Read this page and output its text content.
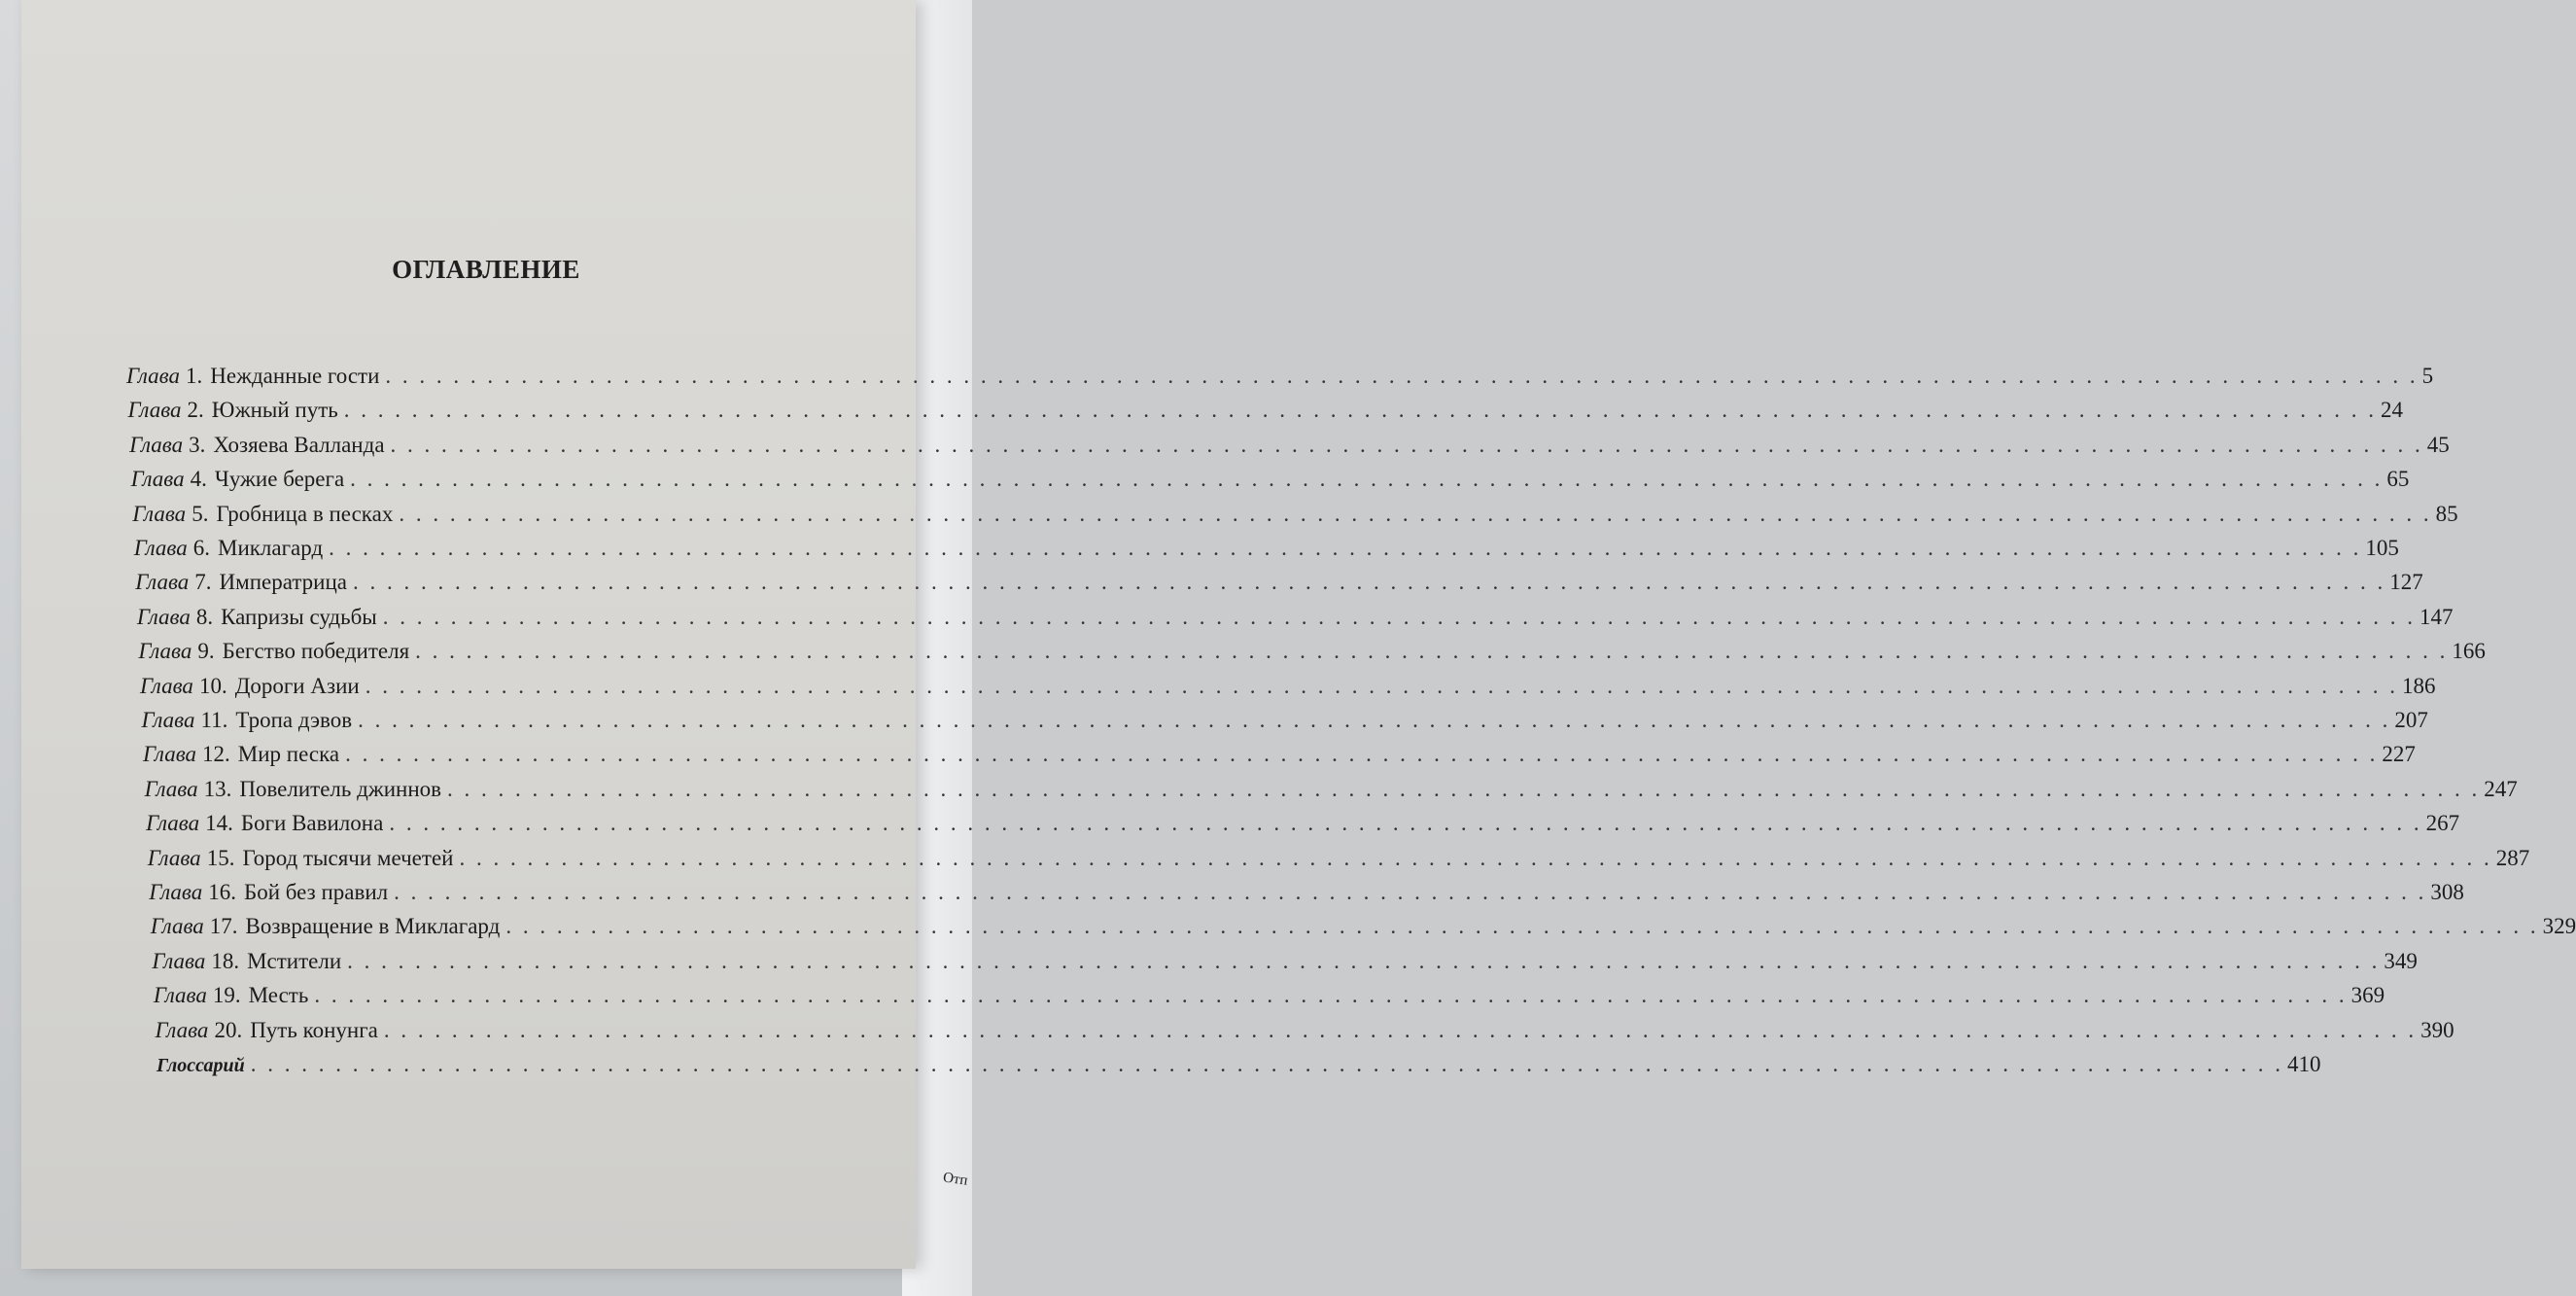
Отп
ОГЛАВЛЕНИЕ
Глава 1. Нежданные гости . . . . . . . . . . . . . . . . . . . . . . . . . . . . . . . . . . . . . . . . . . . . . . . . . . . . . . . . . . . . . . . . . . . . . . . . . . . . . . . . . . . . . . . . . . . . . . . . . . . . . . . . . . . . . . . . . . . . . . . . 5
Глава 2. Южный путь . . . . . . . . . . . . . . . . . . . . . . . . . . . . . . . . . . . . . . . . . . . . . . . . . . . . . . . . . . . . . . . . . . . . . . . . . . . . . . . . . . . . . . . . . . . . . . . . . . . . . . . . . . . . . . . . . . . . . . . . 24
Глава 3. Хозяева Валланда . . . . . . . . . . . . . . . . . . . . . . . . . . . . . . . . . . . . . . . . . . . . . . . . . . . . . . . . . . . . . . . . . . . . . . . . . . . . . . . . . . . . . . . . . . . . . . . . . . . . . . . . . . . . . . . . . . . . . . . . 45
Глава 4. Чужие берега . . . . . . . . . . . . . . . . . . . . . . . . . . . . . . . . . . . . . . . . . . . . . . . . . . . . . . . . . . . . . . . . . . . . . . . . . . . . . . . . . . . . . . . . . . . . . . . . . . . . . . . . . . . . . . . . . . . . . . . . 65
Глава 5. Гробница в песках . . . . . . . . . . . . . . . . . . . . . . . . . . . . . . . . . . . . . . . . . . . . . . . . . . . . . . . . . . . . . . . . . . . . . . . . . . . . . . . . . . . . . . . . . . . . . . . . . . . . . . . . . . . . . . . . . . . . . . . . 85
Глава 6. Миклагард . . . . . . . . . . . . . . . . . . . . . . . . . . . . . . . . . . . . . . . . . . . . . . . . . . . . . . . . . . . . . . . . . . . . . . . . . . . . . . . . . . . . . . . . . . . . . . . . . . . . . . . . . . . . . . . . . . . . . . . . 105
Глава 7. Императрица . . . . . . . . . . . . . . . . . . . . . . . . . . . . . . . . . . . . . . . . . . . . . . . . . . . . . . . . . . . . . . . . . . . . . . . . . . . . . . . . . . . . . . . . . . . . . . . . . . . . . . . . . . . . . . . . . . . . . . . . 127
Глава 8. Капризы судьбы . . . . . . . . . . . . . . . . . . . . . . . . . . . . . . . . . . . . . . . . . . . . . . . . . . . . . . . . . . . . . . . . . . . . . . . . . . . . . . . . . . . . . . . . . . . . . . . . . . . . . . . . . . . . . . . . . . . . . . . . 147
Глава 9. Бегство победителя . . . . . . . . . . . . . . . . . . . . . . . . . . . . . . . . . . . . . . . . . . . . . . . . . . . . . . . . . . . . . . . . . . . . . . . . . . . . . . . . . . . . . . . . . . . . . . . . . . . . . . . . . . . . . . . . . . . . . . . . 166
Глава 10. Дороги Азии . . . . . . . . . . . . . . . . . . . . . . . . . . . . . . . . . . . . . . . . . . . . . . . . . . . . . . . . . . . . . . . . . . . . . . . . . . . . . . . . . . . . . . . . . . . . . . . . . . . . . . . . . . . . . . . . . . . . . . . . 186
Глава 11. Тропа дэвов . . . . . . . . . . . . . . . . . . . . . . . . . . . . . . . . . . . . . . . . . . . . . . . . . . . . . . . . . . . . . . . . . . . . . . . . . . . . . . . . . . . . . . . . . . . . . . . . . . . . . . . . . . . . . . . . . . . . . . . . 207
Глава 12. Мир песка . . . . . . . . . . . . . . . . . . . . . . . . . . . . . . . . . . . . . . . . . . . . . . . . . . . . . . . . . . . . . . . . . . . . . . . . . . . . . . . . . . . . . . . . . . . . . . . . . . . . . . . . . . . . . . . . . . . . . . . . 227
Глава 13. Повелитель джиннов . . . . . . . . . . . . . . . . . . . . . . . . . . . . . . . . . . . . . . . . . . . . . . . . . . . . . . . . . . . . . . . . . . . . . . . . . . . . . . . . . . . . . . . . . . . . . . . . . . . . . . . . . . . . . . . . . . . . . . . . 247
Глава 14. Боги Вавилона . . . . . . . . . . . . . . . . . . . . . . . . . . . . . . . . . . . . . . . . . . . . . . . . . . . . . . . . . . . . . . . . . . . . . . . . . . . . . . . . . . . . . . . . . . . . . . . . . . . . . . . . . . . . . . . . . . . . . . . . 267
Глава 15. Город тысячи мечетей . . . . . . . . . . . . . . . . . . . . . . . . . . . . . . . . . . . . . . . . . . . . . . . . . . . . . . . . . . . . . . . . . . . . . . . . . . . . . . . . . . . . . . . . . . . . . . . . . . . . . . . . . . . . . . . . . . . . . . . . 287
Глава 16. Бой без правил . . . . . . . . . . . . . . . . . . . . . . . . . . . . . . . . . . . . . . . . . . . . . . . . . . . . . . . . . . . . . . . . . . . . . . . . . . . . . . . . . . . . . . . . . . . . . . . . . . . . . . . . . . . . . . . . . . . . . . . . 308
Глава 17. Возвращение в Миклагард . . . . . . . . . . . . . . . . . . . . . . . . . . . . . . . . . . . . . . . . . . . . . . . . . . . . . . . . . . . . . . . . . . . . . . . . . . . . . . . . . . . . . . . . . . . . . . . . . . . . . . . . . . . . . . . . . . . . . . . . 329
Глава 18. Мстители . . . . . . . . . . . . . . . . . . . . . . . . . . . . . . . . . . . . . . . . . . . . . . . . . . . . . . . . . . . . . . . . . . . . . . . . . . . . . . . . . . . . . . . . . . . . . . . . . . . . . . . . . . . . . . . . . . . . . . . . 349
Глава 19. Месть . . . . . . . . . . . . . . . . . . . . . . . . . . . . . . . . . . . . . . . . . . . . . . . . . . . . . . . . . . . . . . . . . . . . . . . . . . . . . . . . . . . . . . . . . . . . . . . . . . . . . . . . . . . . . . . . . . . . . . . . 369
Глава 20. Путь конунга . . . . . . . . . . . . . . . . . . . . . . . . . . . . . . . . . . . . . . . . . . . . . . . . . . . . . . . . . . . . . . . . . . . . . . . . . . . . . . . . . . . . . . . . . . . . . . . . . . . . . . . . . . . . . . . . . . . . . . . . 390
Глоссарий . . . . . . . . . . . . . . . . . . . . . . . . . . . . . . . . . . . . . . . . . . . . . . . . . . . . . . . . . . . . . . . . . . . . . . . . . . . . . . . . . . . . . . . . . . . . . . . . . . . . . . . . . . . . . . . . . . . . . . . . 410
